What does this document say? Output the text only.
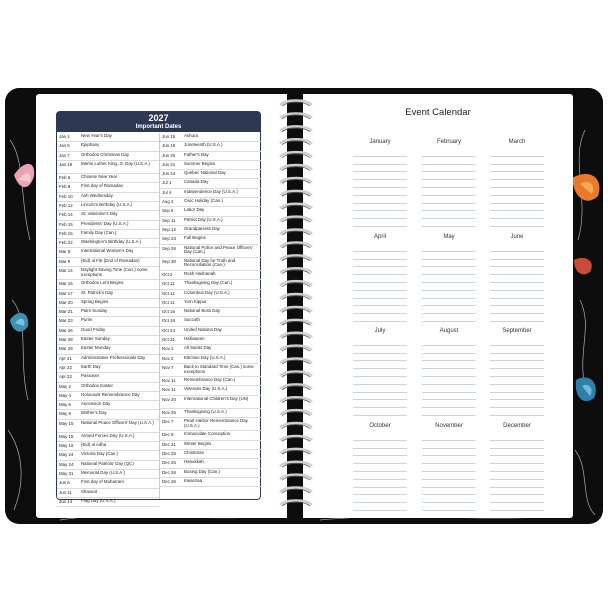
2027
Important Dates
Jan 1	New Year's Day
Jan 6	Epiphany
Jan 7	Orthodox Christmas Day
Jan 18	Martin Luther King, Jr. Day (U.S.A.)
Feb 6	Chinese New Year
Feb 8	First day of Ramadan
Feb 10	Ash Wednesday
Feb 12	Lincoln's Birthday (U.S.A.)
Feb 14	St. Valentine's Day
Feb 15	Presidents' Day (U.S.A.)
Feb 15	Family Day (Can.)
Feb 22	Washington's Birthday (U.S.A.)
Mar 8	International Women's Day
Mar 9	(Eid) al Fitr (End of Ramadan)
Mar 14	Daylight Saving Time (Can.) some exceptions
Mar 15	Orthodox Lent Begins
Mar 17	St. Patrick's Day
Mar 20	Spring Begins
Mar 21	Palm Sunday
Mar 23	Purim
Mar 26	Good Friday
Mar 28	Easter Sunday
Mar 29	Easter Monday
Apr 21	Administrative Professionals Day
Apr 22	Earth Day
Apr 22	Passover
May 2	Orthodox Easter
May 4	Holocaust Remembrance Day
May 6	Ascension Day
May 9	Mother's Day
May 15	National Peace Officers' Day (U.S.A.)
May 15	Armed Forces Day (U.S.A.)
May 16	(Eid) al Adha
May 24	Victoria Day (Can.)
May 24	National Patriots' Day (QC)
May 31	Memorial Day (U.S.A.)
Jun 6	First day of Muharram
Jun 11	Shavuot
Jun 14	Flag Day (U.S.A.)
Jun 15	Ashura
Jun 19	Juneteenth (U.S.A.)
Jun 20	Father's Day
Jun 21	Summer Begins
Jun 24	Quebec National Day
Jul 1	Canada Day
Jul 4	Independence Day (U.S.A.)
Aug 2	Civic Holiday (Can.)
Sep 6	Labor Day
Sep 11	Patriot Day (U.S.A.)
Sep 12	Grandparents Day
Sep 23	Fall Begins
Sep 26	National Police and Peace Officers' Day (Can.)
Sep 30	National Day for Truth and Reconciliation (Can.)
Oct 2	Rosh Hashanah
Oct 11	Thanksgiving Day (Can.)
Oct 11	Columbus Day (U.S.A.)
Oct 11	Yom Kippur
Oct 16	National Boss Day
Oct 16	Succoth
Oct 24	United Nations Day
Oct 31	Halloween
Nov 1	All Saints Day
Nov 2	Election Day (U.S.A.)
Nov 7	Back to Standard Time (Can.) some exceptions
Nov 11	Remembrance Day (Can.)
Nov 11	Veterans Day (U.S.A.)
Nov 20	International Children's Day (UN)
Nov 25	Thanksgiving (U.S.A.)
Dec 7	Pearl Harbor Remembrance Day (U.S.A.)
Dec 8	Immaculate Conception
Dec 21	Winter Begins
Dec 25	Christmas
Dec 25	Hanukkah
Dec 26	Boxing Day (Can.)
Dec 26	Kwanzaa
Event Calendar
January	February	March
April	May	June
July	August	September
October	November	December
